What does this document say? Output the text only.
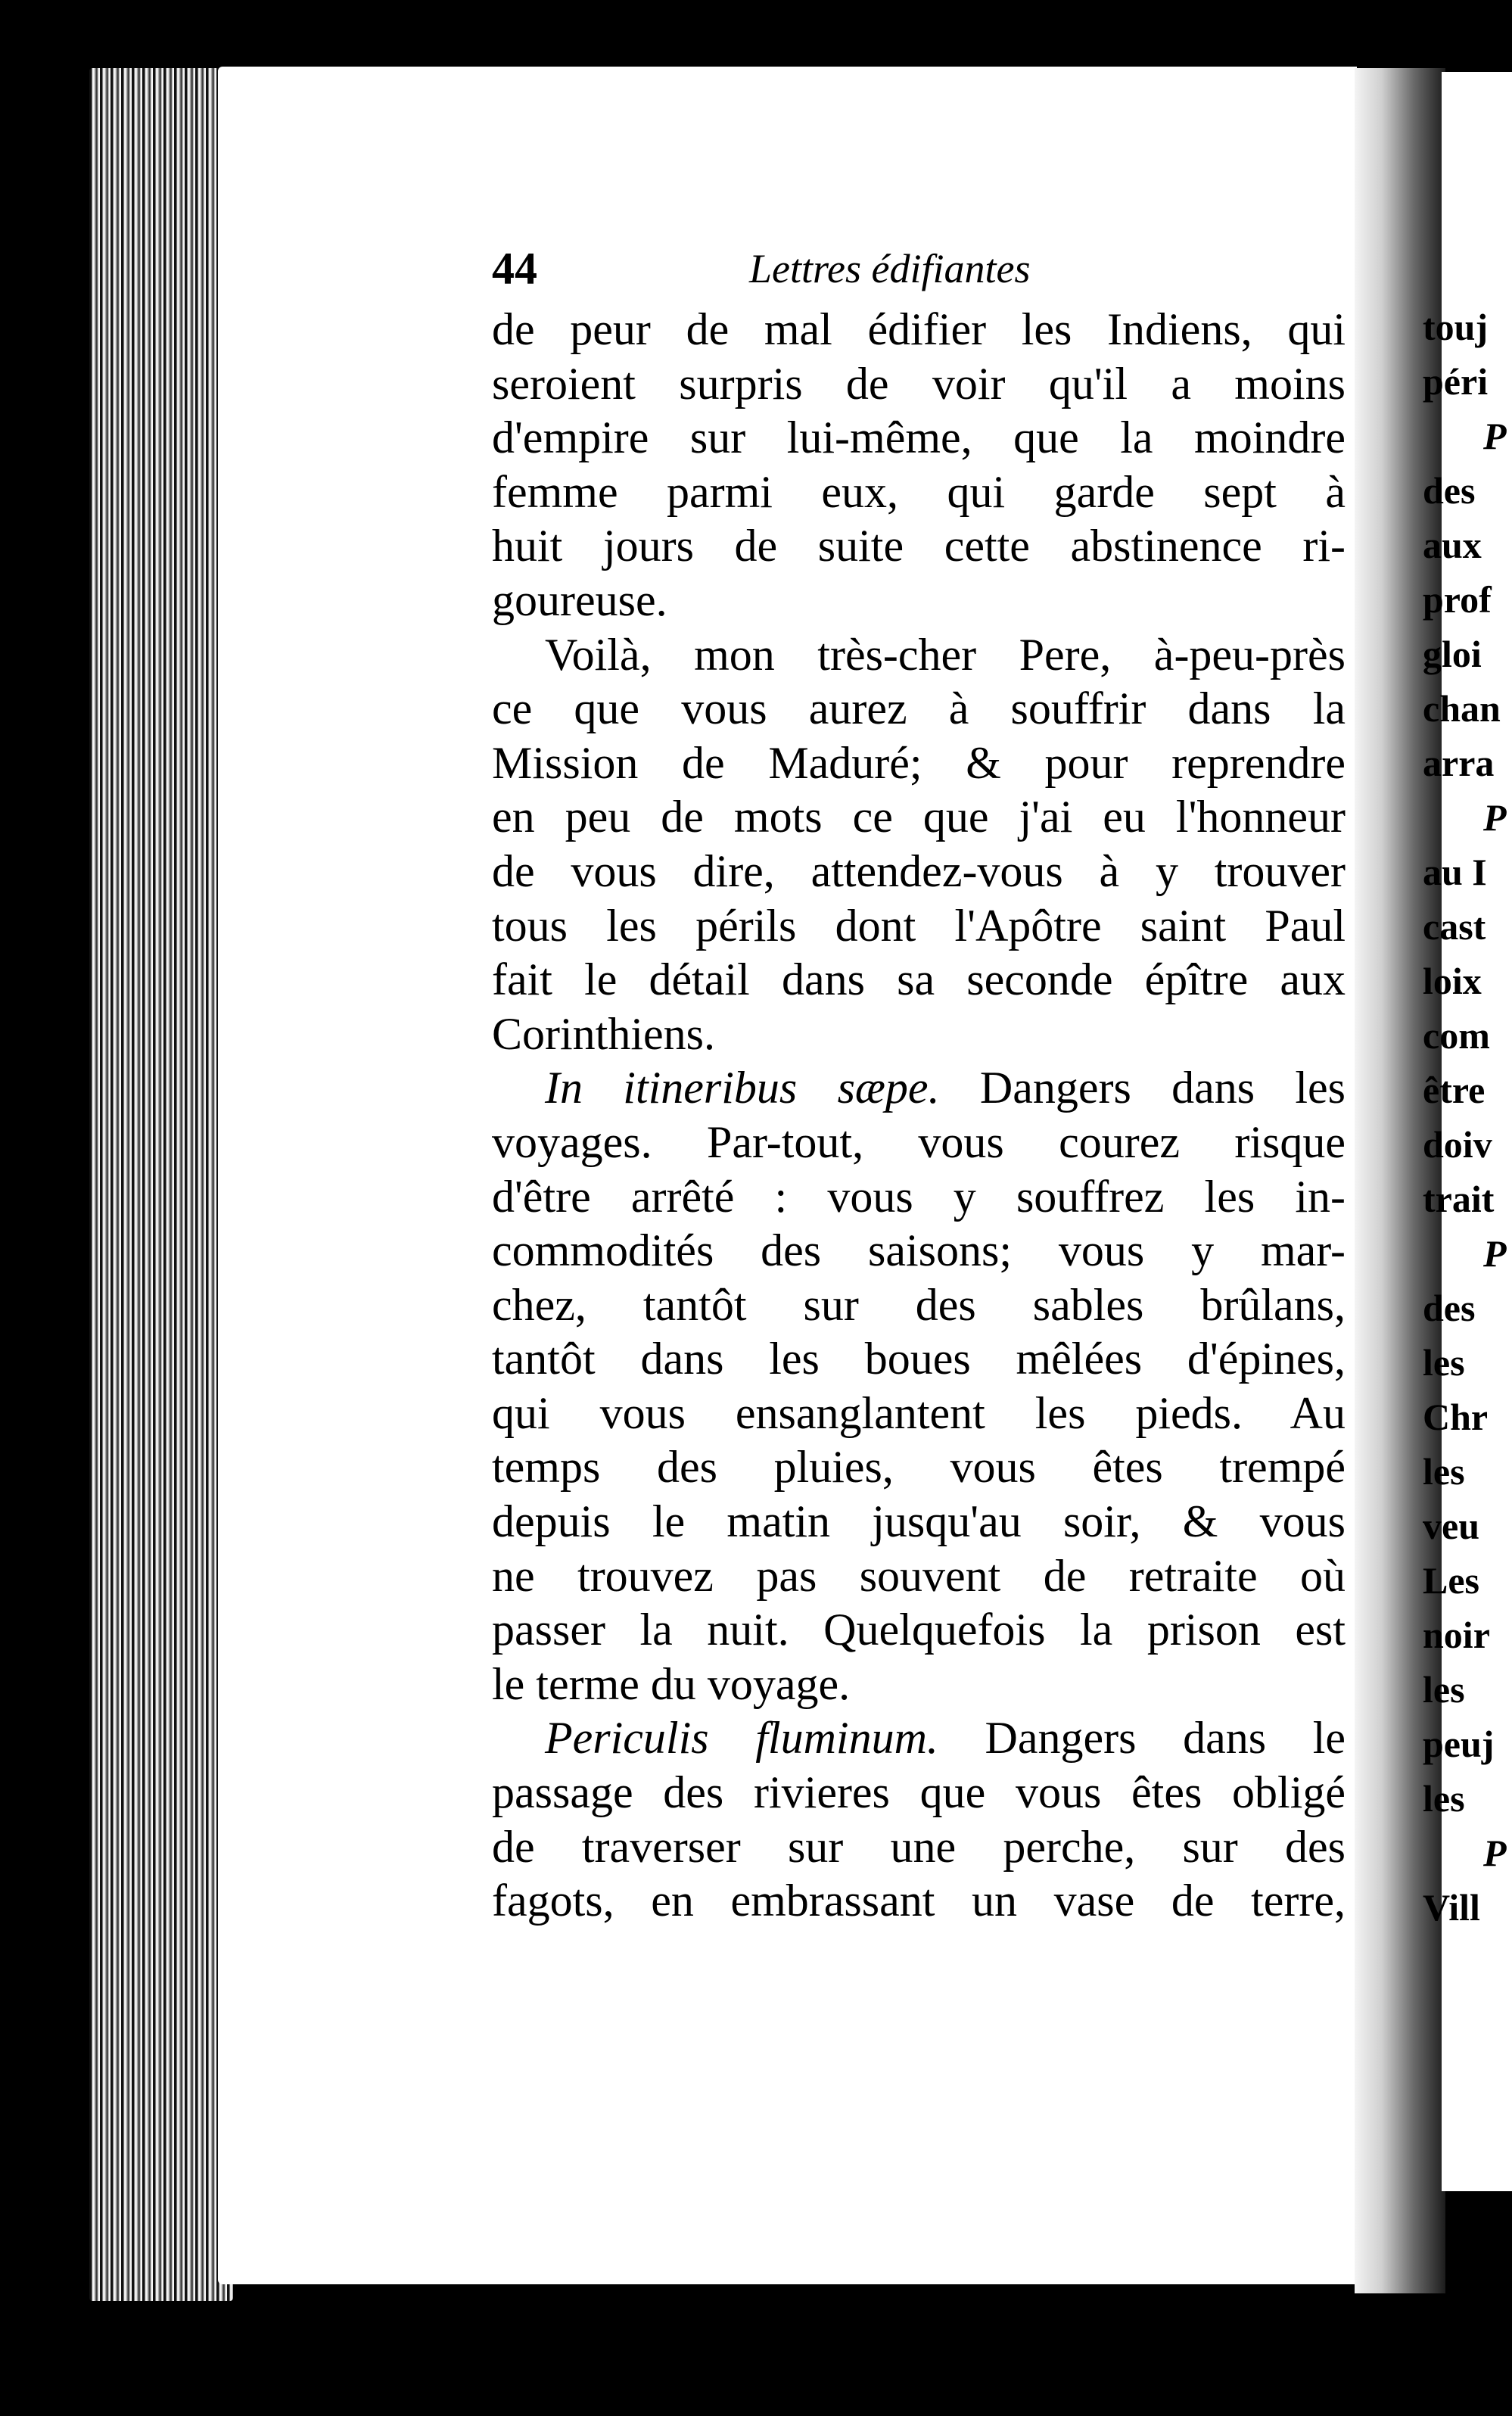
44	Lettres édifiantes
de peur de mal édifier les Indiens, qui
seroient surpris de voir qu'il a moins
d'empire sur lui-même, que la moindre
femme parmi eux, qui garde sept à
huit jours de suite cette abstinence ri-
goureuse.
Voilà, mon très-cher Pere, à-peu-près
ce que vous aurez à souffrir dans la
Mission de Maduré; & pour reprendre
en peu de mots ce que j'ai eu l'honneur
de vous dire, attendez-vous à y trouver
tous les périls dont l'Apôtre saint Paul
fait le détail dans sa seconde épître aux
Corinthiens.
In itineribus sæpe. Dangers dans les
voyages. Par-tout, vous courez risque
d'être arrêté : vous y souffrez les in-
commodités des saisons; vous y mar-
chez, tantôt sur des sables brûlans,
tantôt dans les boues mêlées d'épines,
qui vous ensanglantent les pieds. Au
temps des pluies, vous êtes trempé
depuis le matin jusqu'au soir, & vous
ne trouvez pas souvent de retraite où
passer la nuit. Quelquefois la prison est
le terme du voyage.
Periculis fluminum. Dangers dans le
passage des rivieres que vous êtes obligé
de traverser sur une perche, sur des
fagots, en embrassant un vase de terre,
touj
péri
P
des
aux
prof
gloi
chan
arra
P
au I
cast
loix
com
être
doiv
trait
P
des
les
Chr
les
veu
Les
noir
les
peuj
les
P
Vill
